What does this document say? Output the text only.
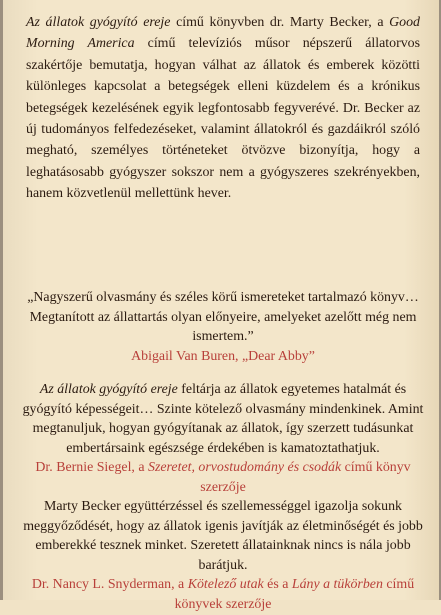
Az állatok gyógyító ereje című könyvben dr. Marty Becker, a Good Morning America című televíziós műsor népszerű állatorvos szakértője bemutatja, hogyan válhat az állatok és emberek közötti különleges kapcsolat a betegségek elleni küzdelem és a krónikus betegségek kezelésének egyik legfontosabb fegyverévé. Dr. Becker az új tudományos felfedezéseket, valamint állatokról és gazdáikról szóló megható, személyes történeteket ötvözve bizonyítja, hogy a leghatásosabb gyógyszer sokszor nem a gyógyszeres szekrényekben, hanem közvetlenül mellettünk hever.

„Nagyszerű olvasmány és széles körű ismereteket tartalmazó könyv… Megtanított az állattartás olyan előnyeire, amelyeket azelőtt még nem ismertem.”
Abigail Van Buren, „Dear Abby”

Az állatok gyógyító ereje feltárja az állatok egyetemes hatalmát és gyógyító képességeit… Szinte kötelező olvasmány mindenkinek. Amint megtanuljuk, hogyan gyógyítanak az állatok, így szerzett tudásunkat embertársaink egészsége érdekében is kamatoztathatjuk.
Dr. Bernie Siegel, a Szeretet, orvostudomány és csodák című könyv szerzője

Marty Becker együttérzéssel és szellemességgel igazolja sokunk meggyőződését, hogy az állatok igenis javítják az életminőségét és jobb emberekké tesznek minket. Szeretett állatainknak nincs is nála jobb barátjuk.
Dr. Nancy L. Snyderman, a Kötelező utak és a Lány a tükörben című könyvek szerzője
